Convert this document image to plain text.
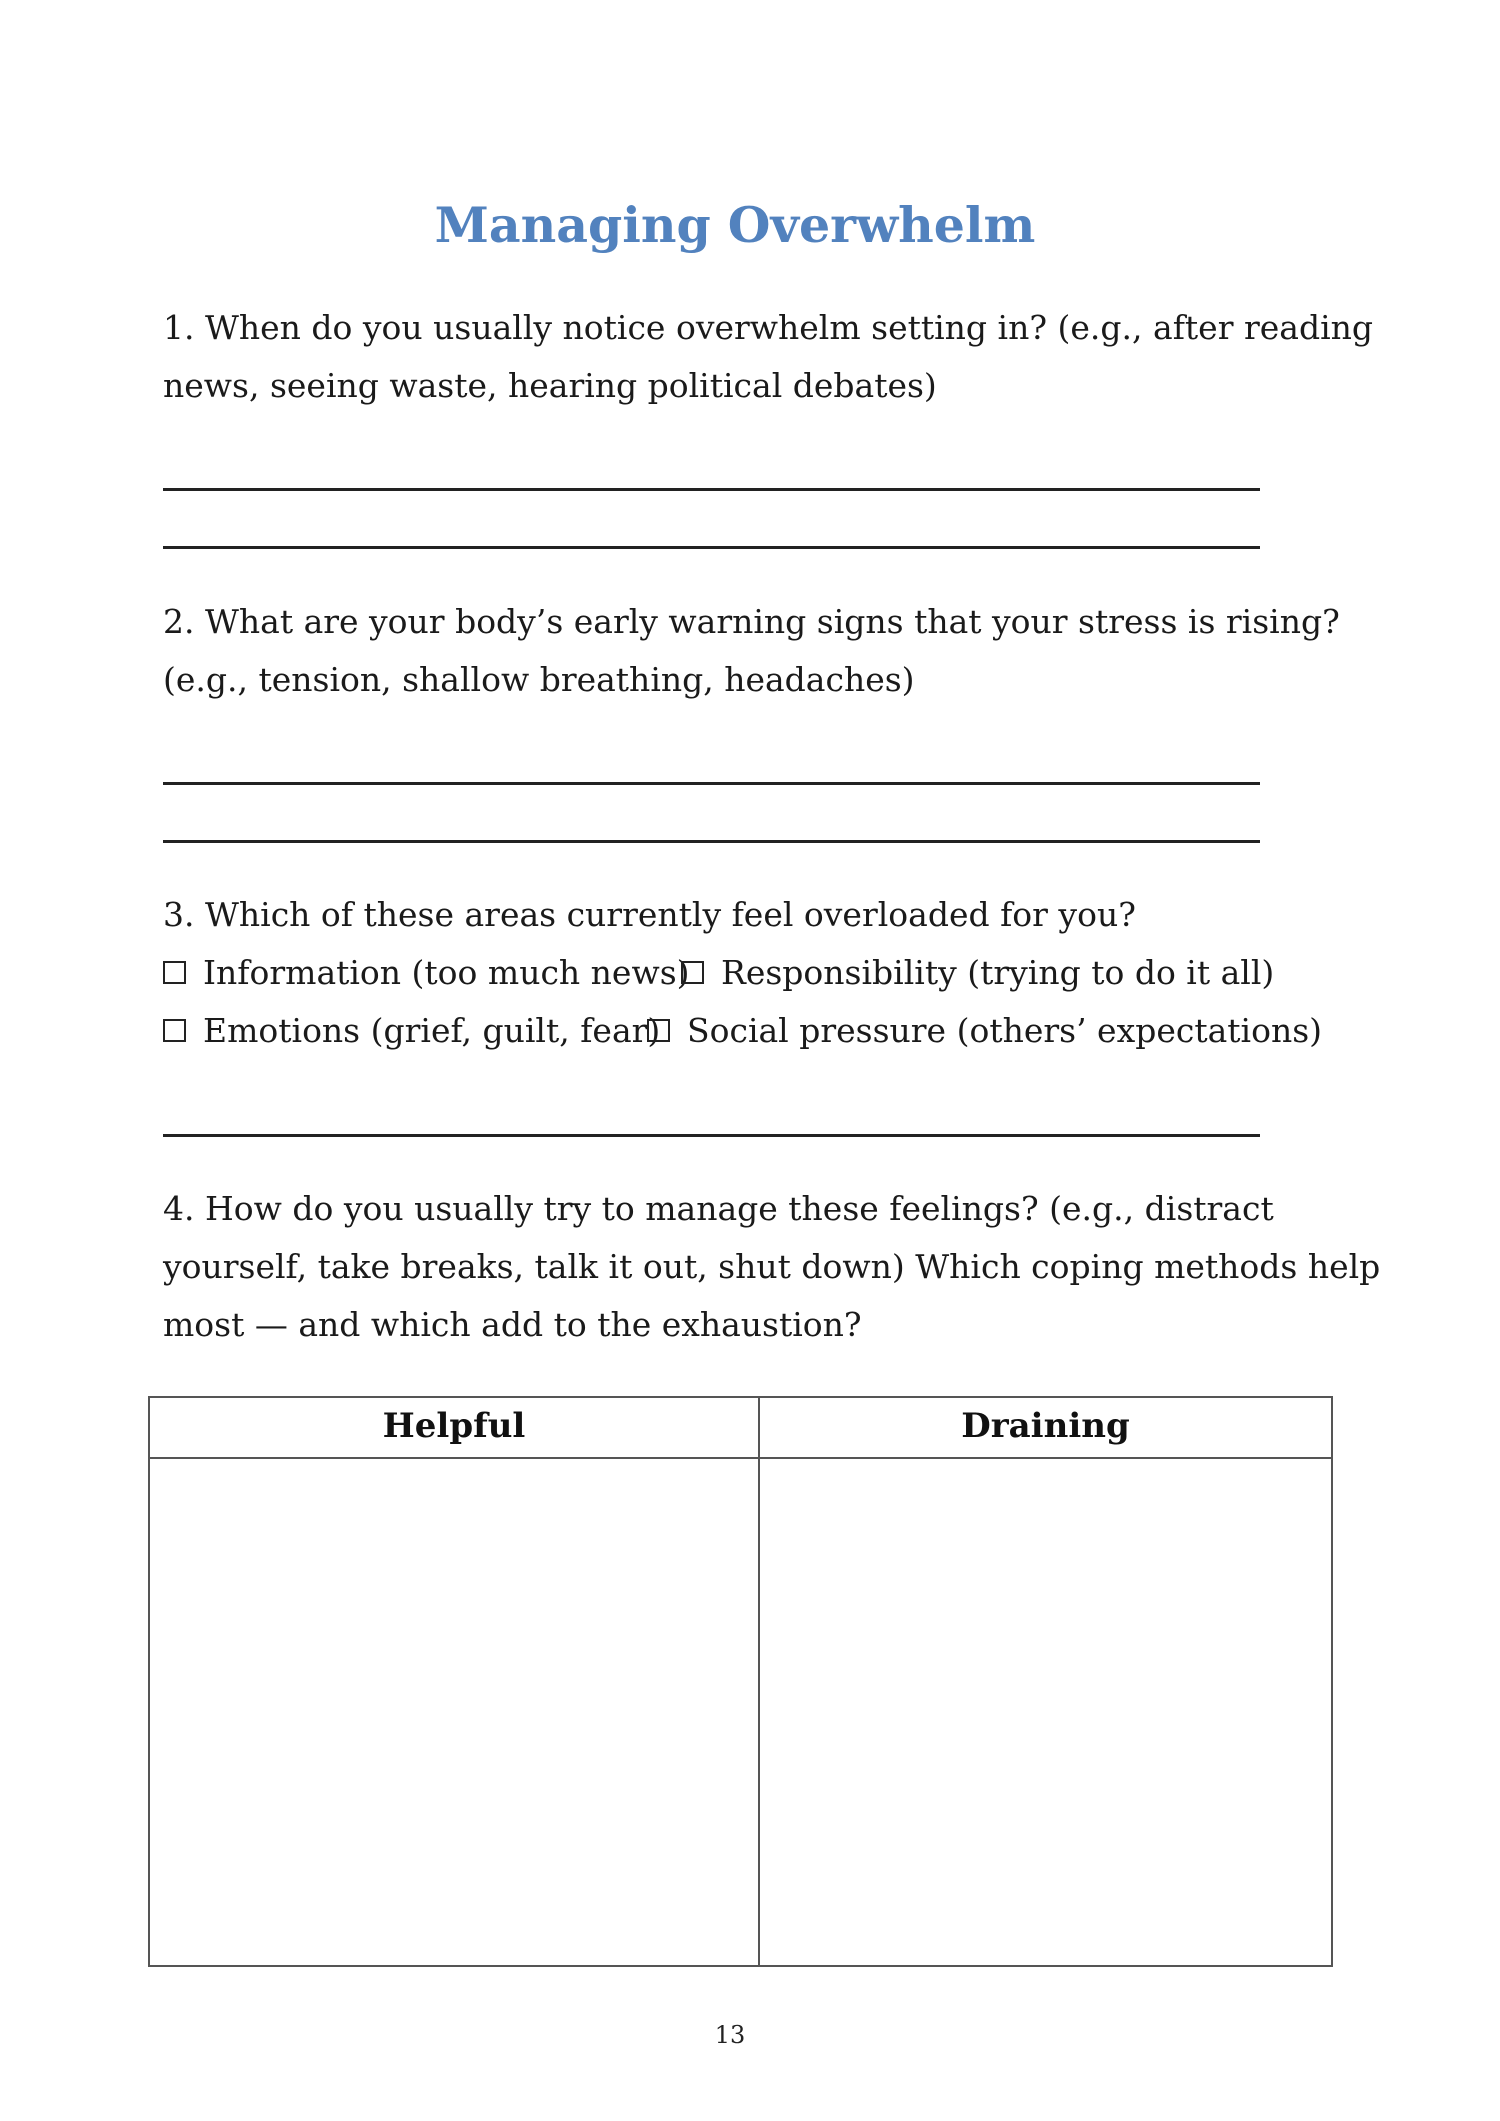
Managing Overwhelm
1. When do you usually notice overwhelm setting in? (e.g., after reading
news, seeing waste, hearing political debates)
2. What are your body’s early warning signs that your stress is rising?
(e.g., tension, shallow breathing, headaches)
3. Which of these areas currently feel overloaded for you?
Information (too much news) Responsibility (trying to do it all)
Emotions (grief, guilt, fear) Social pressure (others’ expectations)
4. How do you usually try to manage these feelings? (e.g., distract
yourself, take breaks, talk it out, shut down) Which coping methods help
most — and which add to the exhaustion?
Helpful	Draining
13
